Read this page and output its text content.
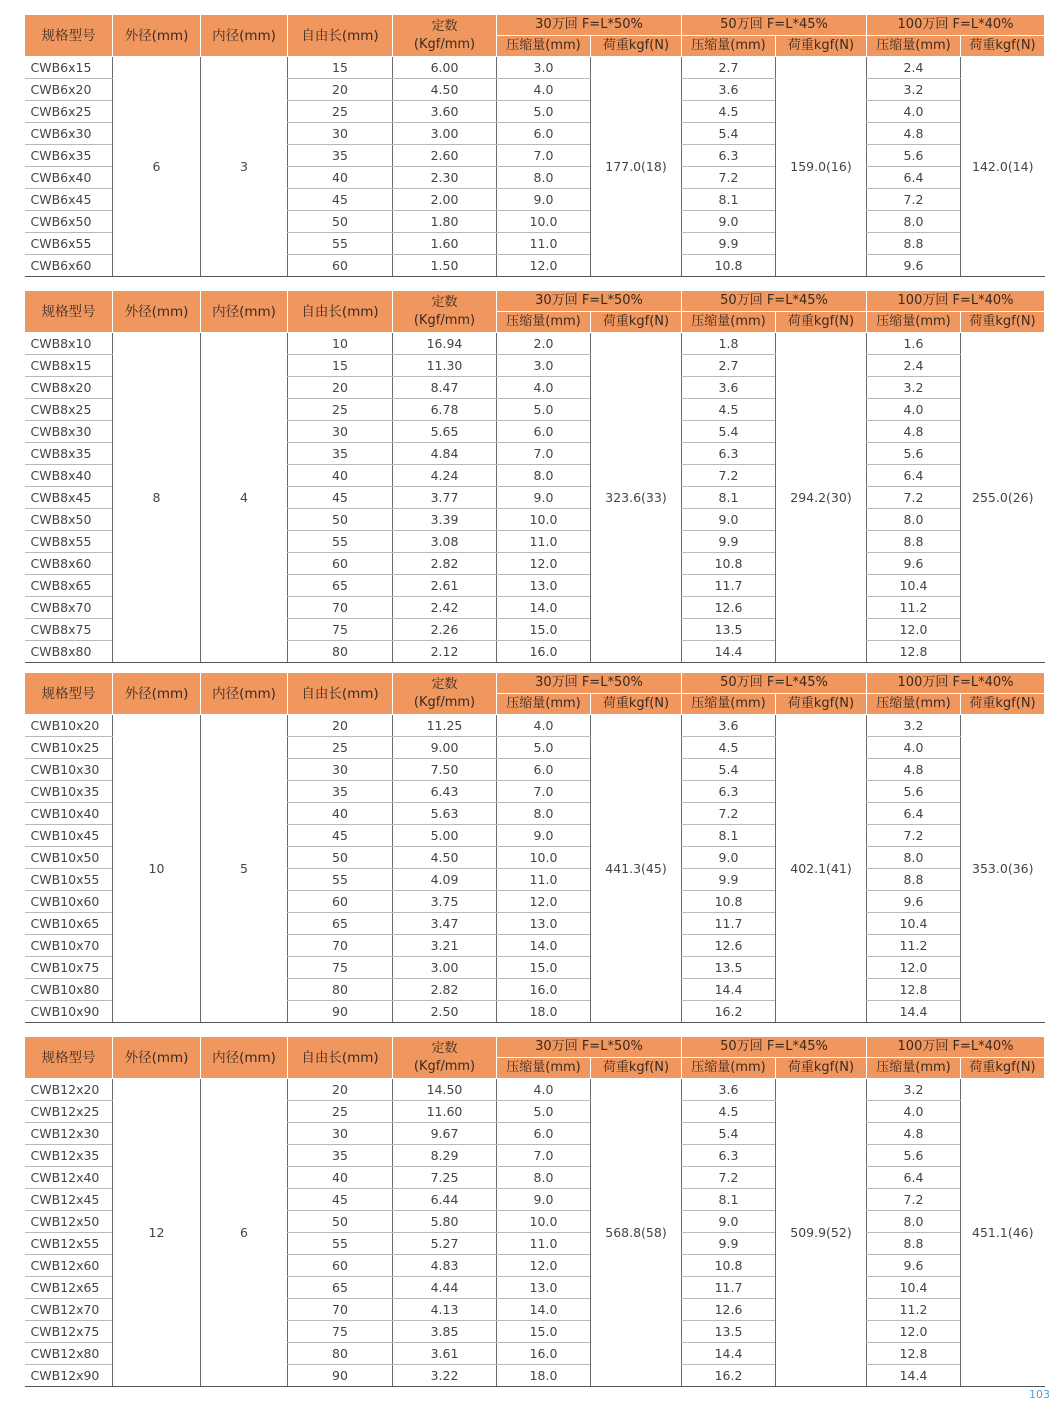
规格型号	外径(mm)	内径(mm)	自由长(mm)	定数
(Kgf/mm)	30万回 F=L*50%		50万回 F=L*45%		100万回 F=L*40%	
					压缩量(mm)	荷重kgf(N)	压缩量(mm)	荷重kgf(N)	压缩量(mm)	荷重kgf(N)
CWB6x15	6	3	15	6.00	3.0	177.0(18)	2.7	159.0(16)	2.4	142.0(14)
CWB6x20			20	4.50	4.0		3.6		3.2	
CWB6x25			25	3.60	5.0		4.5		4.0	
CWB6x30			30	3.00	6.0		5.4		4.8	
CWB6x35			35	2.60	7.0		6.3		5.6	
CWB6x40			40	2.30	8.0		7.2		6.4	
CWB6x45			45	2.00	9.0		8.1		7.2	
CWB6x50			50	1.80	10.0		9.0		8.0	
CWB6x55			55	1.60	11.0		9.9		8.8	
CWB6x60			60	1.50	12.0		10.8		9.6	
规格型号	外径(mm)	内径(mm)	自由长(mm)	定数
(Kgf/mm)	30万回 F=L*50%		50万回 F=L*45%		100万回 F=L*40%	
					压缩量(mm)	荷重kgf(N)	压缩量(mm)	荷重kgf(N)	压缩量(mm)	荷重kgf(N)
CWB8x10	8	4	10	16.94	2.0	323.6(33)	1.8	294.2(30)	1.6	255.0(26)
CWB8x15			15	11.30	3.0		2.7		2.4	
CWB8x20			20	8.47	4.0		3.6		3.2	
CWB8x25			25	6.78	5.0		4.5		4.0	
CWB8x30			30	5.65	6.0		5.4		4.8	
CWB8x35			35	4.84	7.0		6.3		5.6	
CWB8x40			40	4.24	8.0		7.2		6.4	
CWB8x45			45	3.77	9.0		8.1		7.2	
CWB8x50			50	3.39	10.0		9.0		8.0	
CWB8x55			55	3.08	11.0		9.9		8.8	
CWB8x60			60	2.82	12.0		10.8		9.6	
CWB8x65			65	2.61	13.0		11.7		10.4	
CWB8x70			70	2.42	14.0		12.6		11.2	
CWB8x75			75	2.26	15.0		13.5		12.0	
CWB8x80			80	2.12	16.0		14.4		12.8	
规格型号	外径(mm)	内径(mm)	自由长(mm)	定数
(Kgf/mm)	30万回 F=L*50%		50万回 F=L*45%		100万回 F=L*40%	
					压缩量(mm)	荷重kgf(N)	压缩量(mm)	荷重kgf(N)	压缩量(mm)	荷重kgf(N)
CWB10x20	10	5	20	11.25	4.0	441.3(45)	3.6	402.1(41)	3.2	353.0(36)
CWB10x25			25	9.00	5.0		4.5		4.0	
CWB10x30			30	7.50	6.0		5.4		4.8	
CWB10x35			35	6.43	7.0		6.3		5.6	
CWB10x40			40	5.63	8.0		7.2		6.4	
CWB10x45			45	5.00	9.0		8.1		7.2	
CWB10x50			50	4.50	10.0		9.0		8.0	
CWB10x55			55	4.09	11.0		9.9		8.8	
CWB10x60			60	3.75	12.0		10.8		9.6	
CWB10x65			65	3.47	13.0		11.7		10.4	
CWB10x70			70	3.21	14.0		12.6		11.2	
CWB10x75			75	3.00	15.0		13.5		12.0	
CWB10x80			80	2.82	16.0		14.4		12.8	
CWB10x90			90	2.50	18.0		16.2		14.4	
规格型号	外径(mm)	内径(mm)	自由长(mm)	定数
(Kgf/mm)	30万回 F=L*50%		50万回 F=L*45%		100万回 F=L*40%	
					压缩量(mm)	荷重kgf(N)	压缩量(mm)	荷重kgf(N)	压缩量(mm)	荷重kgf(N)
CWB12x20	12	6	20	14.50	4.0	568.8(58)	3.6	509.9(52)	3.2	451.1(46)
CWB12x25			25	11.60	5.0		4.5		4.0	
CWB12x30			30	9.67	6.0		5.4		4.8	
CWB12x35			35	8.29	7.0		6.3		5.6	
CWB12x40			40	7.25	8.0		7.2		6.4	
CWB12x45			45	6.44	9.0		8.1		7.2	
CWB12x50			50	5.80	10.0		9.0		8.0	
CWB12x55			55	5.27	11.0		9.9		8.8	
CWB12x60			60	4.83	12.0		10.8		9.6	
CWB12x65			65	4.44	13.0		11.7		10.4	
CWB12x70			70	4.13	14.0		12.6		11.2	
CWB12x75			75	3.85	15.0		13.5		12.0	
CWB12x80			80	3.61	16.0		14.4		12.8	
CWB12x90			90	3.22	18.0		16.2		14.4	
103
